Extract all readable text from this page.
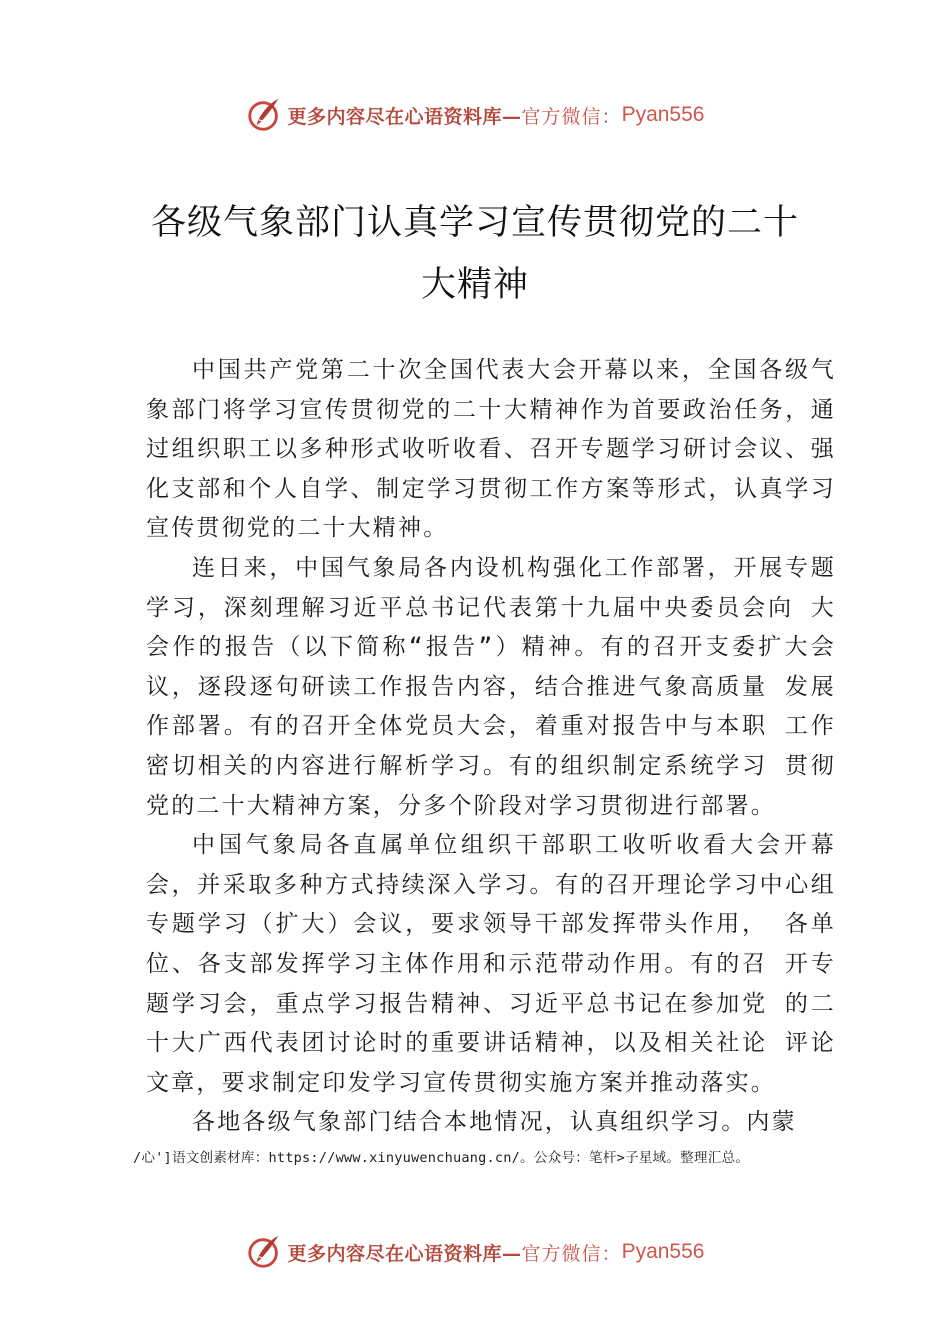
更多内容尽在心语资料库— 官方微信： Pyan556
各级气象部门认真学习宣传贯彻党的二十
大精神

中国共产党第二十次全国代表大会开幕以来，全国各级气象部门将学习宣传贯彻党的二十大精神作为首要政治任务，通过组织职工以多种形式收听收看、召开专题学习研讨会议、强化支部和个人自学、制定学习贯彻工作方案等形式，认真学习宣传贯彻党的二十大精神。

连日来，中国气象局各内设机构强化工作部署，开展专题学习，深刻理解习近平总书记代表第十九届中央委员会向 大会作的报告（以下简称“报告”）精神。有的召开支委扩大会议，逐段逐句研读工作报告内容，结合推进气象高质量 发展作部署。有的召开全体党员大会，着重对报告中与本职 工作密切相关的内容进行解析学习。有的组织制定系统学习 贯彻党的二十大精神方案，分多个阶段对学习贯彻进行部署。

中国气象局各直属单位组织干部职工收听收看大会开幕会，并采取多种方式持续深入学习。有的召开理论学习中心组专题学习（扩大）会议，要求领导干部发挥带头作用， 各单位、各支部发挥学习主体作用和示范带动作用。有的召 开专题学习会，重点学习报告精神、习近平总书记在参加党 的二十大广西代表团讨论时的重要讲话精神，以及相关社论 评论文章，要求制定印发学习宣传贯彻实施方案并推动落实。

各地各级气象部门结合本地情况，认真组织学习。内蒙

/心']语文创素材库：https://www.xinyuwenchuang.cn/。公众号：笔杆>子星域。整理汇总。
更多内容尽在心语资料库— 官方微信： Pyan556
